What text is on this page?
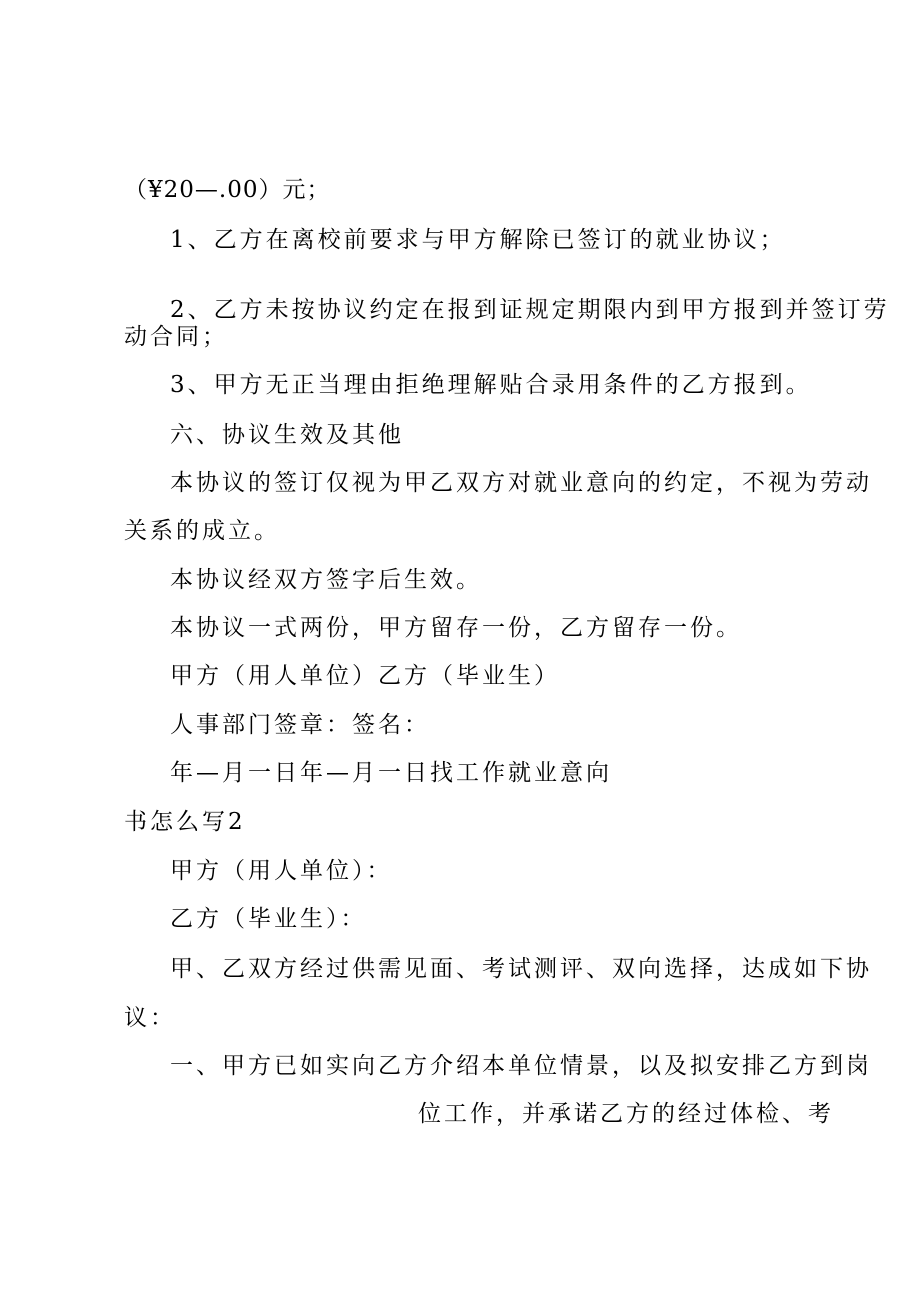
（¥20—.00）元；
1、乙方在离校前要求与甲方解除已签订的就业协议；
2、乙方未按协议约定在报到证规定期限内到甲方报到并签订劳
动合同；
3、甲方无正当理由拒绝理解贴合录用条件的乙方报到。
六、协议生效及其他
本协议的签订仅视为甲乙双方对就业意向的约定，不视为劳动
关系的成立。
本协议经双方签字后生效。
本协议一式两份，甲方留存一份，乙方留存一份。
甲方（用人单位）乙方（毕业生）
人事部门签章：签名：
年—月一日年—月一日找工作就业意向
书怎么写2
甲方（用人单位）：
乙方（毕业生）：
甲、乙双方经过供需见面、考试测评、双向选择，达成如下协
议：
一、甲方已如实向乙方介绍本单位情景，以及拟安排乙方到岗
位工作，并承诺乙方的经过体检、考
